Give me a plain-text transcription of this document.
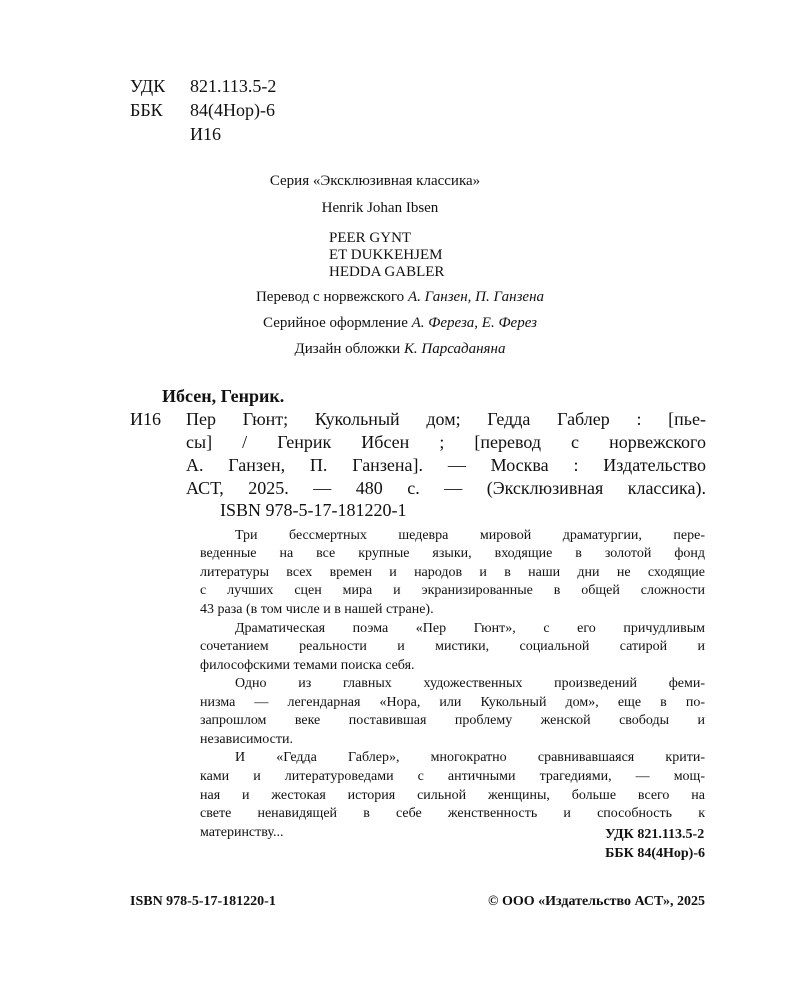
УДК 821.113.5-2
ББК 84(4Нор)-6
И16
Серия «Эксклюзивная классика»
Henrik Johan Ibsen
PEER GYNT
ET DUKKEHJEM
HEDDA GABLER
Перевод с норвежского А. Ганзен, П. Ганзена
Серийное оформление А. Фереза, Е. Ферез
Дизайн обложки К. Парсаданяна
Ибсен, Генрик.
И16 Пер Гюнт; Кукольный дом; Гедда Габлер : [пье-
сы] / Генрик Ибсен ; [перевод с норвежского
А. Ганзен, П. Ганзена]. — Москва : Издательство
АСТ, 2025. — 480 с. — (Эксклюзивная классика).
ISBN 978-5-17-181220-1
Три бессмертных шедевра мировой драматургии, пере-
веденные на все крупные языки, входящие в золотой фонд
литературы всех времен и народов и в наши дни не сходящие
с лучших сцен мира и экранизированные в общей сложности
43 раза (в том числе и в нашей стране).
Драматическая поэма «Пер Гюнт», с его причудливым
сочетанием реальности и мистики, социальной сатирой и
философскими темами поиска себя.
Одно из главных художественных произведений феми-
низма — легендарная «Нора, или Кукольный дом», еще в по-
запрошлом веке поставившая проблему женской свободы и
независимости.
И «Гедда Габлер», многократно сравнивавшаяся крити-
ками и литературоведами с античными трагедиями, — мощ-
ная и жестокая история сильной женщины, больше всего на
свете ненавидящей в себе женственность и способность к
материнству...	УДК 821.113.5-2
ББК 84(4Нор)-6
ISBN 978-5-17-181220-1	© ООО «Издательство АСТ», 2025
